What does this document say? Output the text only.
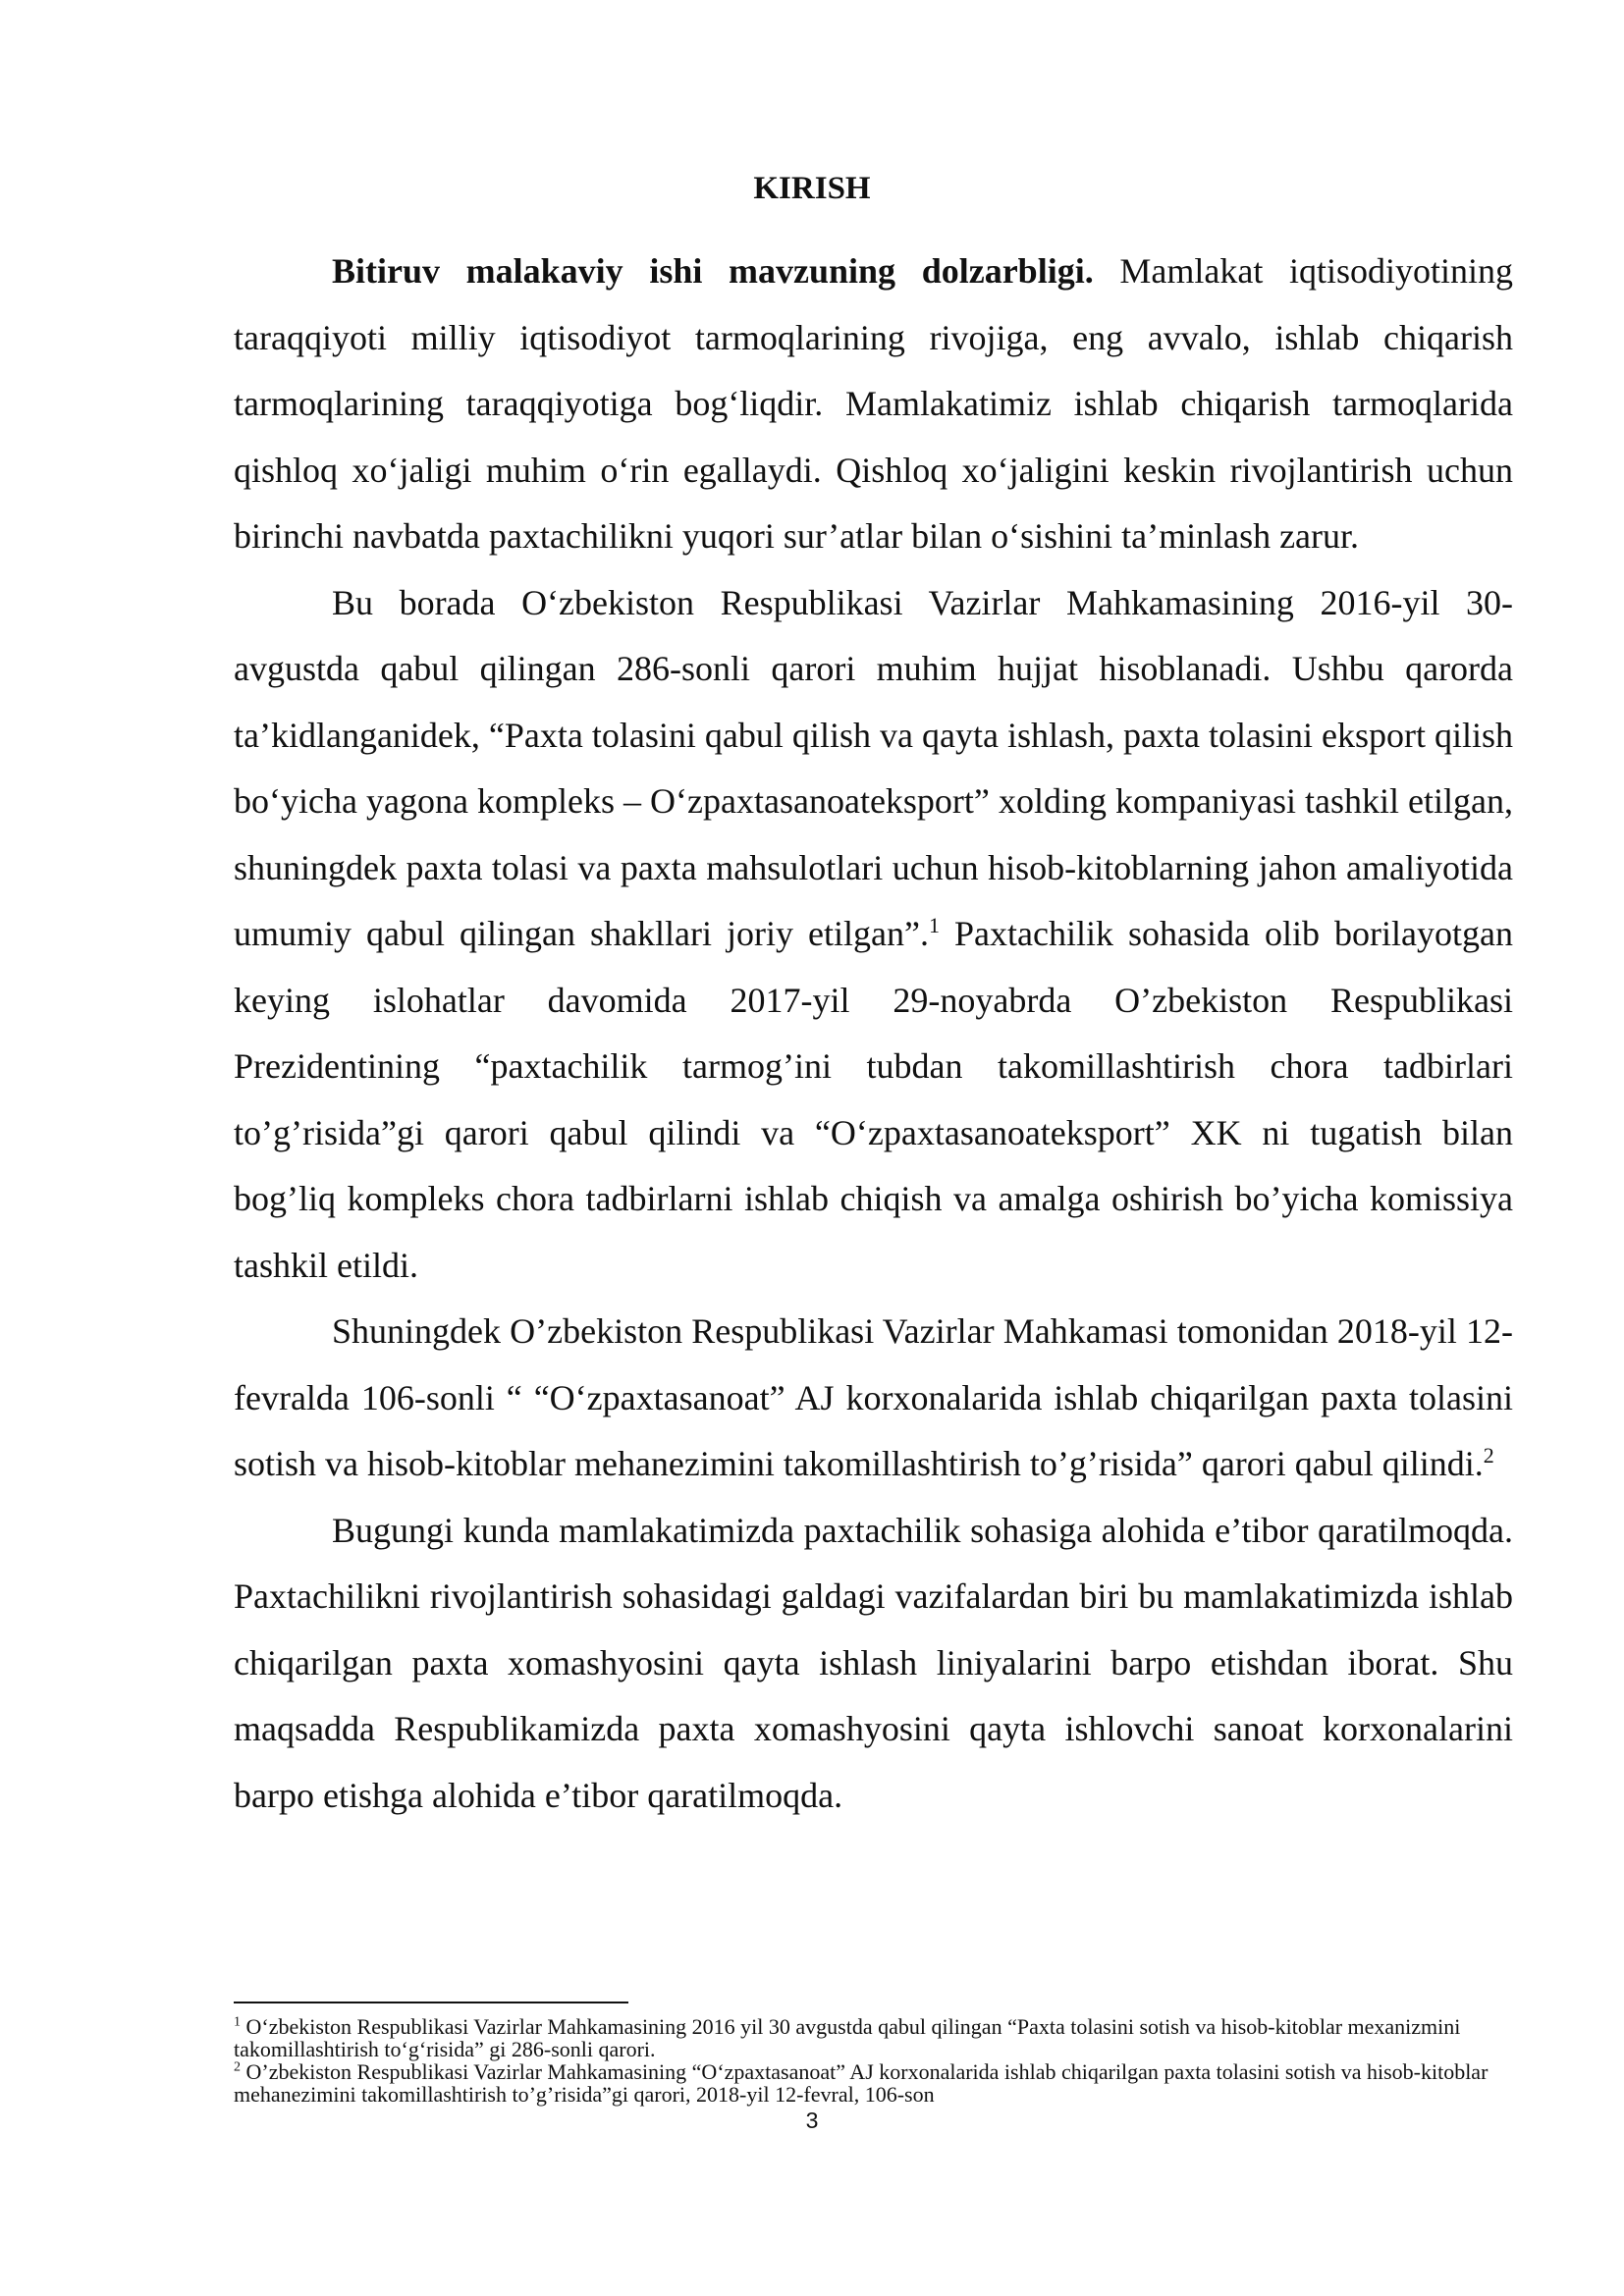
KIRISH

Bitiruv malakaviy ishi mavzuning dolzarbligi. Mamlakat iqtisodiyotining taraqqiyoti milliy iqtisodiyot tarmoqlarining rivojiga, eng avvalo, ishlab chiqarish tarmoqlarining taraqqiyotiga bog‘liqdir. Mamlakatimiz ishlab chiqarish tarmoqlarida qishloq xo‘jaligi muhim o‘rin egallaydi. Qishloq xo‘jaligini keskin rivojlantirish uchun birinchi navbatda paxtachilikni yuqori sur’atlar bilan o‘sishini ta’minlash zarur.

Bu borada O‘zbekiston Respublikasi Vazirlar Mahkamasining 2016-yil 30-avgustda qabul qilingan 286-sonli qarori muhim hujjat hisoblanadi. Ushbu qarorda ta’kidlanganidek, “Paxta tolasini qabul qilish va qayta ishlash, paxta tolasini eksport qilish bo‘yicha yagona kompleks – O‘zpaxtasanoateksport” xolding kompaniyasi tashkil etilgan, shuningdek paxta tolasi va paxta mahsulotlari uchun hisob-kitoblarning jahon amaliyotida umumiy qabul qilingan shakllari joriy etilgan”.$^1$ Paxtachilik sohasida olib borilayotgan keying islohatlar davomida 2017-yil 29-noyabrda O’zbekiston Respublikasi Prezidentining “paxtachilik tarmog’ini tubdan takomillashtirish chora tadbirlari to’g’risida”gi qarori qabul qilindi va “O‘zpaxtasanoateksport” XK ni tugatish bilan bog’liq kompleks chora tadbirlarni ishlab chiqish va amalga oshirish bo’yicha komissiya tashkil etildi.

Shuningdek O’zbekiston Respublikasi Vazirlar Mahkamasi tomonidan 2018-yil 12-fevralda 106-sonli “ “O‘zpaxtasanoat” AJ korxonalarida ishlab chiqarilgan paxta tolasini sotish va hisob-kitoblar mehanezimini takomillashtirish to’g’risida” qarori qabul qilindi.$^2$

Bugungi kunda mamlakatimizda paxtachilik sohasiga alohida e’tibor qaratilmoqda. Paxtachilikni rivojlantirish sohasidagi galdagi vazifalardan biri bu mamlakatimizda ishlab chiqarilgan paxta xomashyosini qayta ishlash liniyalarini barpo etishdan iborat. Shu maqsadda Respublikamizda paxta xomashyosini qayta ishlovchi sanoat korxonalarini barpo etishga alohida e’tibor qaratilmoqda.

$^1$ O‘zbekiston Respublikasi Vazirlar Mahkamasining 2016 yil 30 avgustda qabul qilingan “Paxta tolasini sotish va hisob-kitoblar mexanizmini takomillashtirish to‘g‘risida” gi 286-sonli qarori.

$^2$ O’zbekiston Respublikasi Vazirlar Mahkamasining “O‘zpaxtasanoat” AJ korxonalarida ishlab chiqarilgan paxta tolasini sotish va hisob-kitoblar mehanezimini takomillashtirish to’g’risida”gi qarori, 2018-yil 12-fevral, 106-son

3
